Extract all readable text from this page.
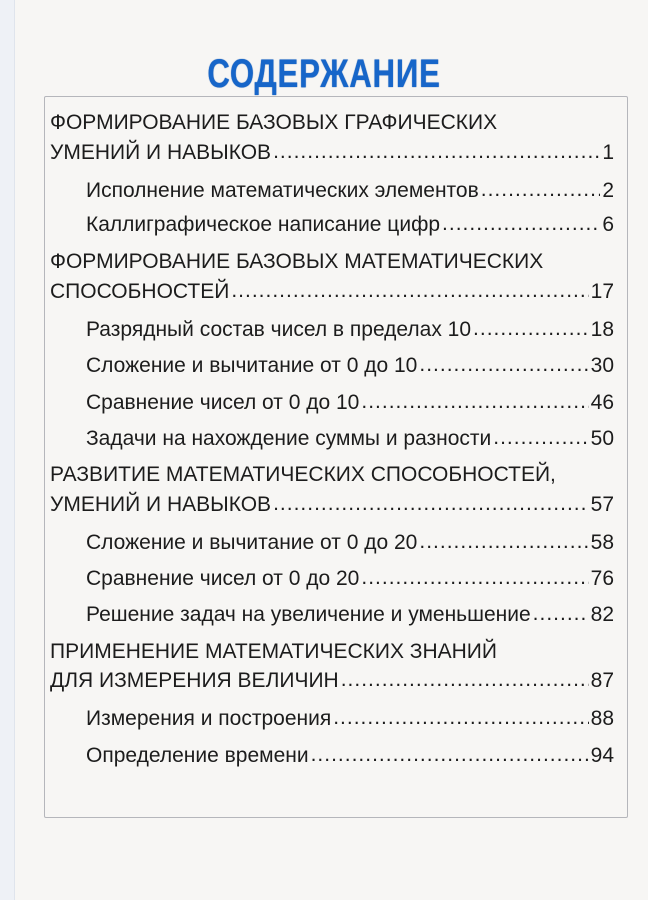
СОДЕРЖАНИЕ
ФОРМИРОВАНИЕ БАЗОВЫХ ГРАФИЧЕСКИХ
УМЕНИЙ И НАВЫКОВ .....	1
Исполнение математических элементов .....	2
Каллиграфическое написание цифр .....	6
ФОРМИРОВАНИЕ БАЗОВЫХ МАТЕМАТИЧЕСКИХ
СПОСОБНОСТЕЙ .....	17
Разрядный состав чисел в пределах 10 .....	18
Сложение и вычитание от 0 до 10 .....	30
Сравнение чисел от 0 до 10 .....	46
Задачи на нахождение суммы и разности .....	50
РАЗВИТИЕ МАТЕМАТИЧЕСКИХ СПОСОБНОСТЕЙ,
УМЕНИЙ И НАВЫКОВ .....	57
Сложение и вычитание от 0 до 20 .....	58
Сравнение чисел от 0 до 20 .....	76
Решение задач на увеличение и уменьшение .....	82
ПРИМЕНЕНИЕ МАТЕМАТИЧЕСКИХ ЗНАНИЙ
ДЛЯ ИЗМЕРЕНИЯ ВЕЛИЧИН .....	87
Измерения и построения .....	88
Определение времени .....	94
